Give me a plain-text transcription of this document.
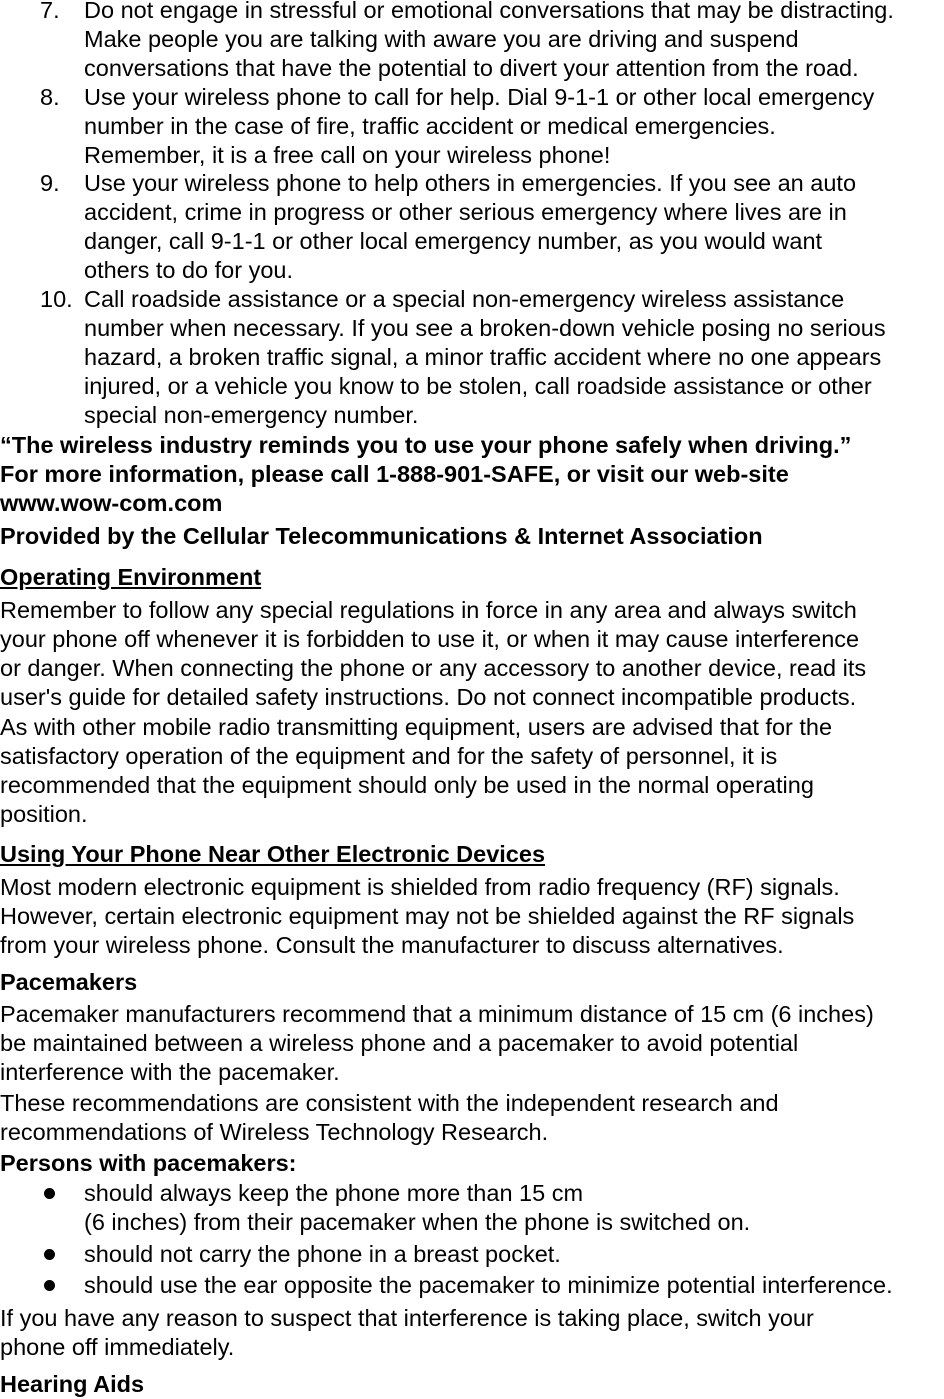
7. Do not engage in stressful or emotional conversations that may be distracting.
Make people you are talking with aware you are driving and suspend
conversations that have the potential to divert your attention from the road.
8. Use your wireless phone to call for help. Dial 9-1-1 or other local emergency
number in the case of fire, traffic accident or medical emergencies.
Remember, it is a free call on your wireless phone!
9. Use your wireless phone to help others in emergencies. If you see an auto
accident, crime in progress or other serious emergency where lives are in
danger, call 9-1-1 or other local emergency number, as you would want
others to do for you.
10. Call roadside assistance or a special non-emergency wireless assistance
number when necessary. If you see a broken-down vehicle posing no serious
hazard, a broken traffic signal, a minor traffic accident where no one appears
injured, or a vehicle you know to be stolen, call roadside assistance or other
special non-emergency number.

“The wireless industry reminds you to use your phone safely when driving.”

For more information, please call 1-888-901-SAFE, or visit our web-site

www.wow-com.com

Provided by the Cellular Telecommunications & Internet Association

Operating Environment

Remember to follow any special regulations in force in any area and always switch

your phone off whenever it is forbidden to use it, or when it may cause interference

or danger. When connecting the phone or any accessory to another device, read its

user's guide for detailed safety instructions. Do not connect incompatible products.

As with other mobile radio transmitting equipment, users are advised that for the

satisfactory operation of the equipment and for the safety of personnel, it is

recommended that the equipment should only be used in the normal operating

position.

Using Your Phone Near Other Electronic Devices

Most modern electronic equipment is shielded from radio frequency (RF) signals.

However, certain electronic equipment may not be shielded against the RF signals

from your wireless phone. Consult the manufacturer to discuss alternatives.

Pacemakers

Pacemaker manufacturers recommend that a minimum distance of 15 cm (6 inches)

be maintained between a wireless phone and a pacemaker to avoid potential

interference with the pacemaker.

These recommendations are consistent with the independent research and

recommendations of Wireless Technology Research.

Persons with pacemakers:

should always keep the phone more than 15 cm
(6 inches) from their pacemaker when the phone is switched on.
should not carry the phone in a breast pocket.
should use the ear opposite the pacemaker to minimize potential interference.

If you have any reason to suspect that interference is taking place, switch your

phone off immediately.

Hearing Aids
